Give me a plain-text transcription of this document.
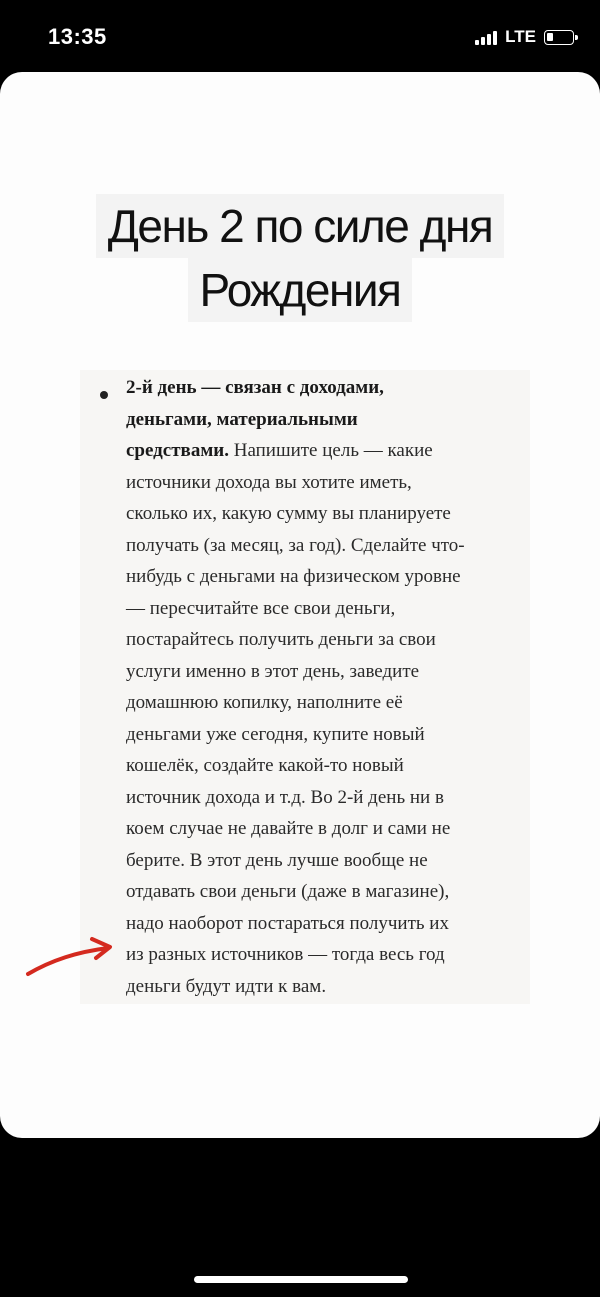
13:35	LTE
День 2 по силе дня
Рождения
2-й день — связан с доходами,
деньгами, материальными
средствами. Напишите цель — какие
источники дохода вы хотите иметь,
сколько их, какую сумму вы планируете
получать (за месяц, за год). Сделайте что-
нибудь с деньгами на физическом уровне
— пересчитайте все свои деньги,
постарайтесь получить деньги за свои
услуги именно в этот день, заведите
домашнюю копилку, наполните её
деньгами уже сегодня, купите новый
кошелёк, создайте какой-то новый
источник дохода и т.д. Во 2-й день ни в
коем случае не давайте в долг и сами не
берите. В этот день лучше вообще не
отдавать свои деньги (даже в магазине),
надо наоборот постараться получить их
из разных источников — тогда весь год
деньги будут идти к вам.
